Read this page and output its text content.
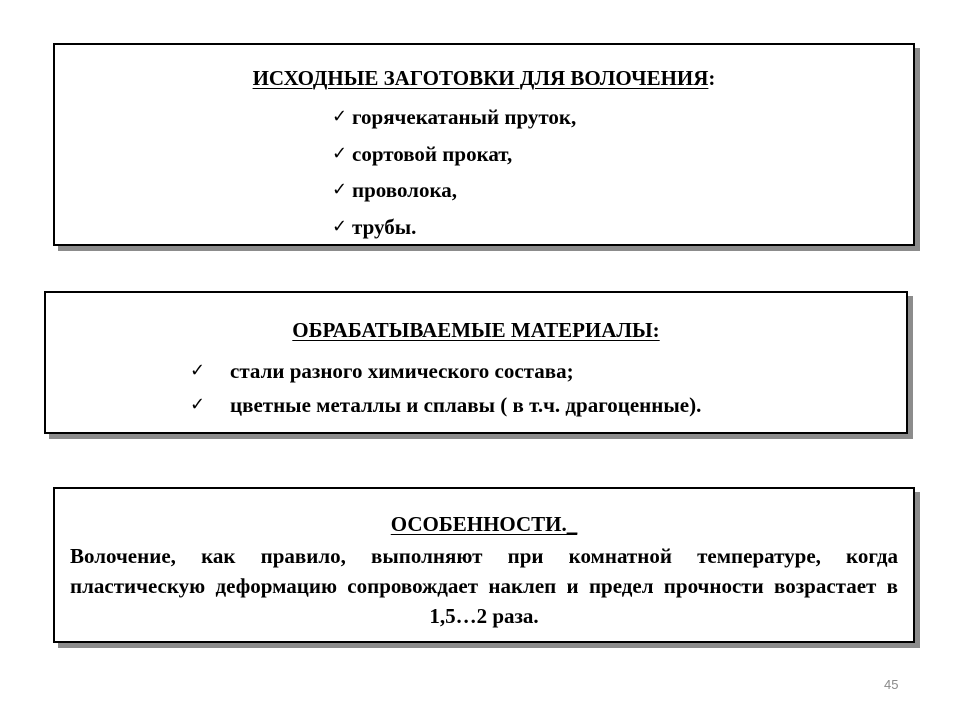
ИСХОДНЫЕ ЗАГОТОВКИ ДЛЯ ВОЛОЧЕНИЯ:
✓ горячекатаный пруток,
✓ сортовой прокат,
✓ проволока,
✓ трубы.
ОБРАБАТЫВАЕМЫЕ МАТЕРИАЛЫ:
✓ стали разного химического состава;
✓ цветные металлы и сплавы ( в т.ч. драгоценные).
ОСОБЕННОСТИ._

Волочение, как правило, выполняют при комнатной температуре, когда пластическую деформацию сопровождает наклеп и предел прочности возрастает в 1,5…2 раза.

45
